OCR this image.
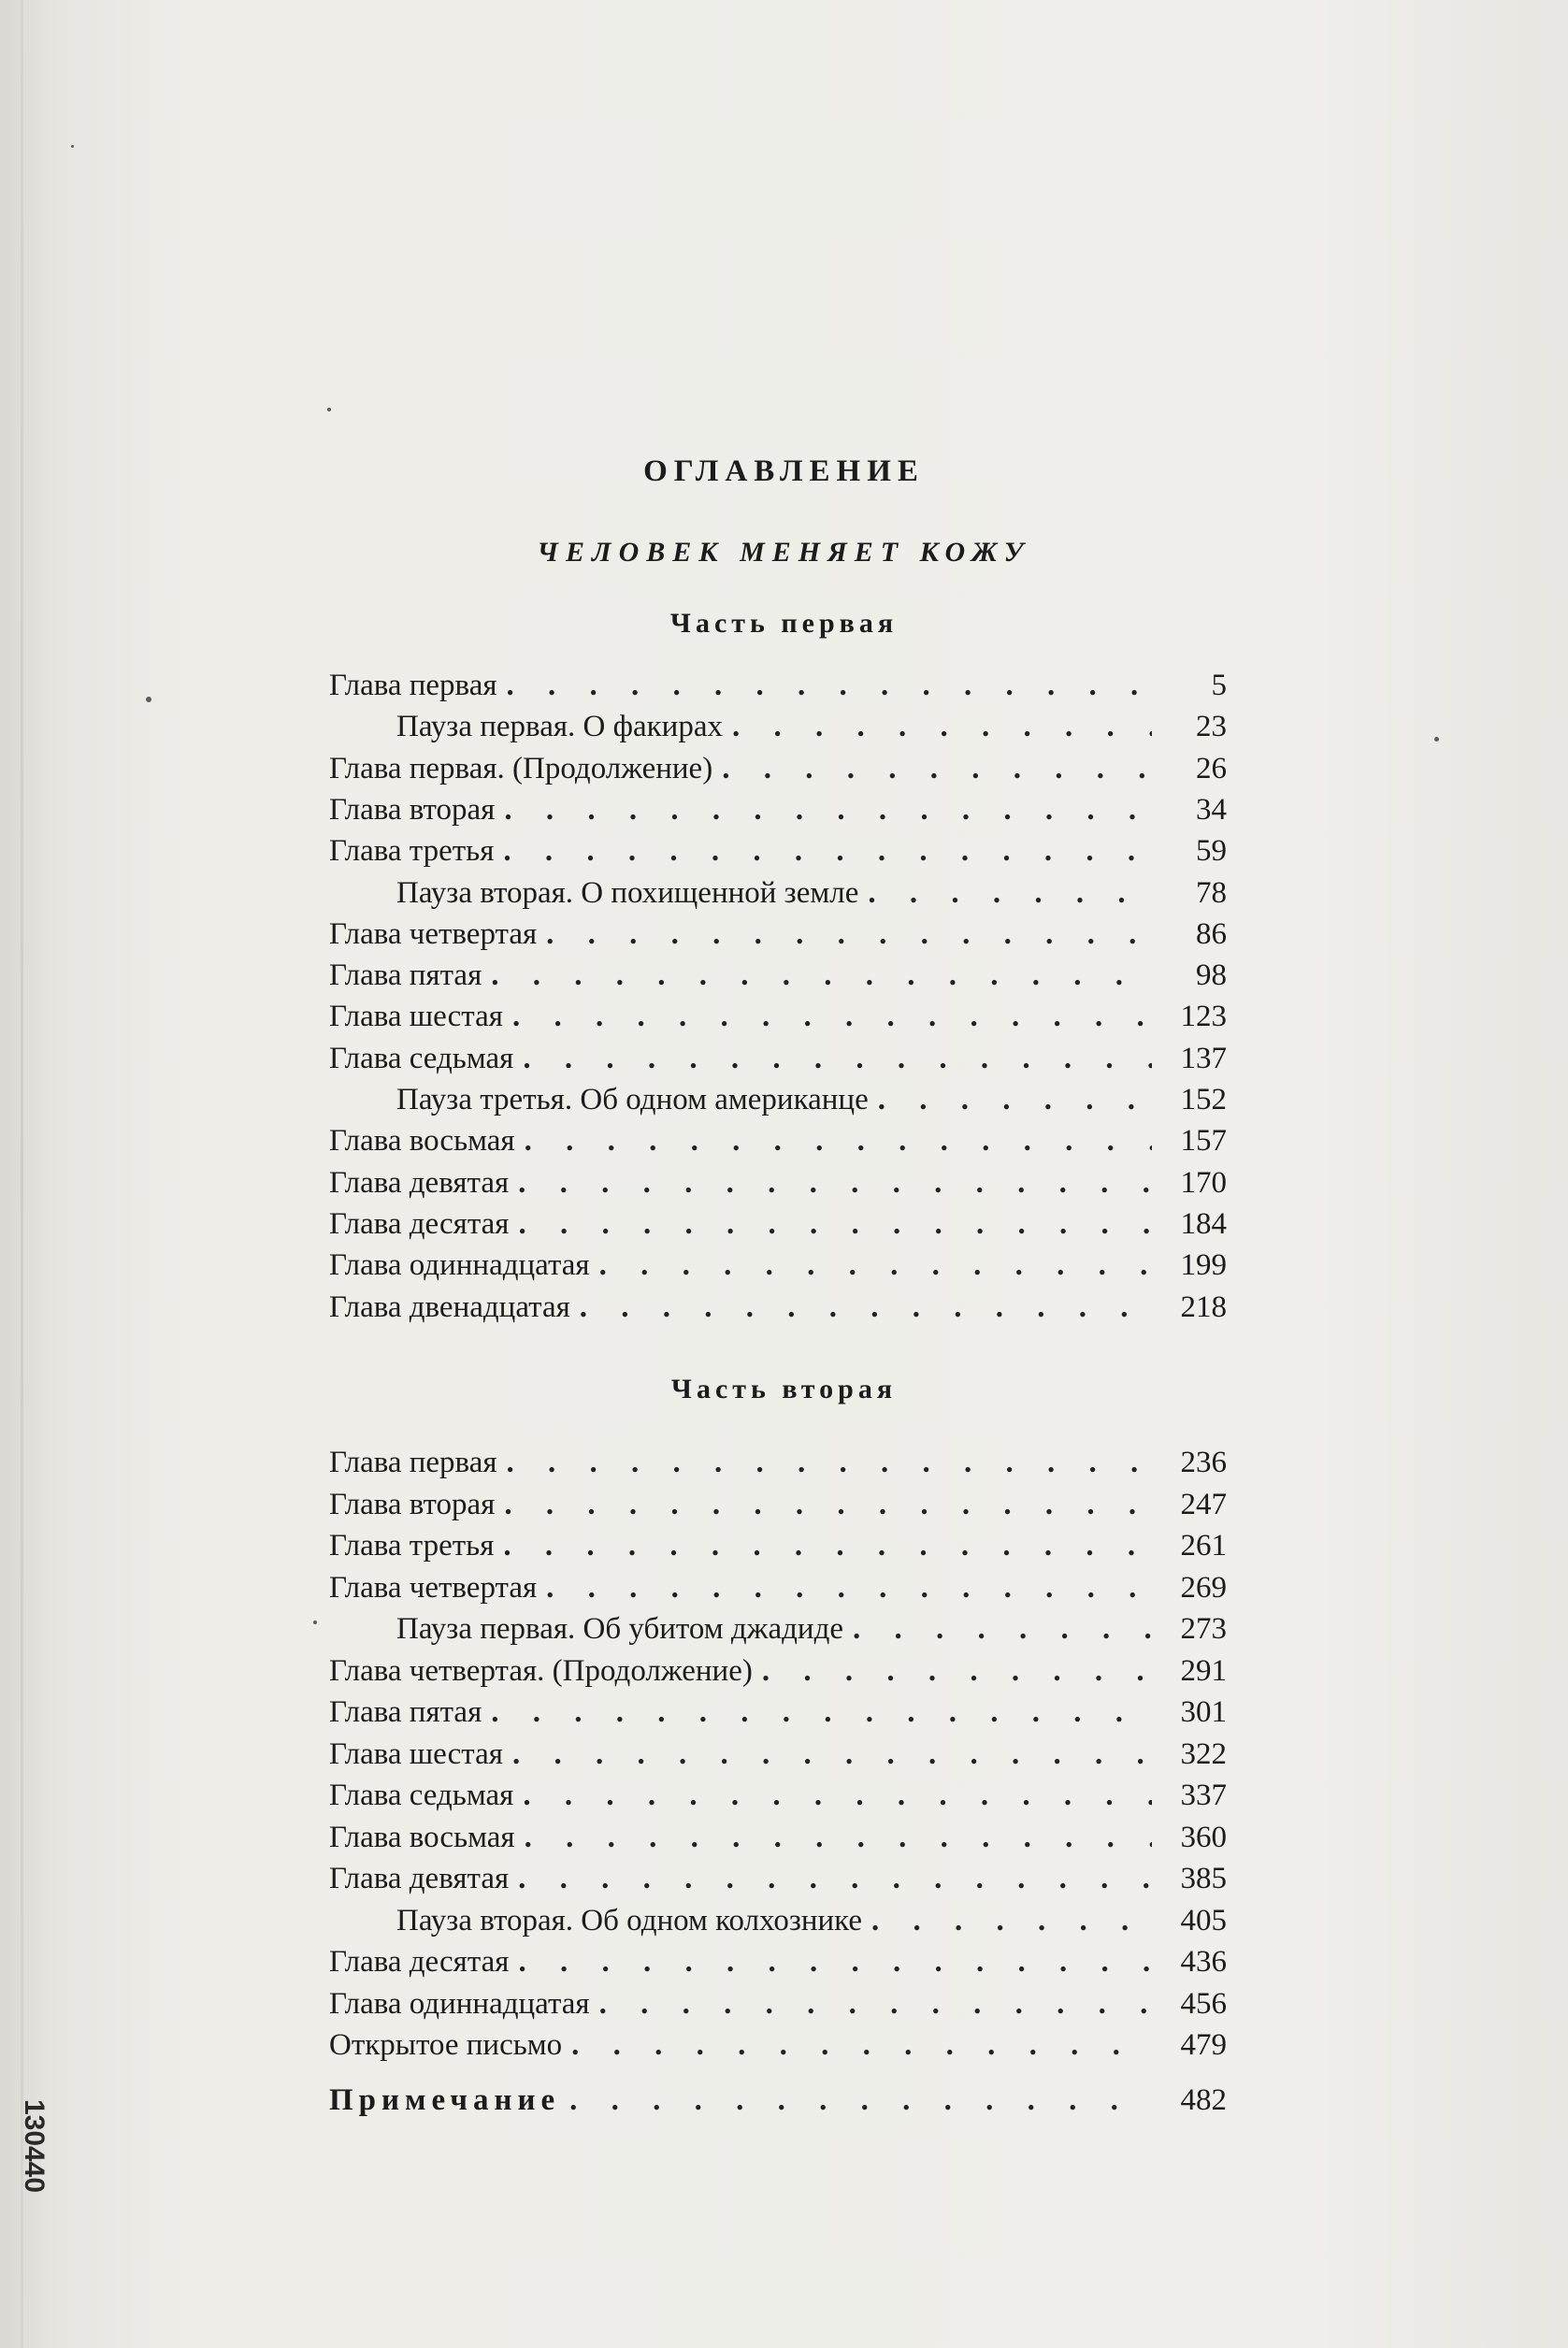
ОГЛАВЛЕНИЕ
ЧЕЛОВЕК МЕНЯЕТ КОЖУ
Часть первая
Часть вторая
Глава первая . . .	5
Пауза первая. О факирах . . .	23
Глава первая. (Продолжение) . . .	26
Глава вторая . . .	34
Глава третья . . .	59
Пауза вторая. О похищенной земле . . .	78
Глава четвертая . . .	86
Глава пятая . . .	98
Глава шестая . . .	123
Глава седьмая . . .	137
Пауза третья. Об одном американце . . .	152
Глава восьмая . . .	157
Глава девятая . . .	170
Глава десятая . . .	184
Глава одиннадцатая . . .	199
Глава двенадцатая . . .	218
Глава первая . . .	236
Глава вторая . . .	247
Глава третья . . .	261
Глава четвертая . . .	269
Пауза первая. Об убитом джадиде . . .	273
Глава четвертая. (Продолжение) . . .	291
Глава пятая . . .	301
Глава шестая . . .	322
Глава седьмая . . .	337
Глава восьмая . . .	360
Глава девятая . . .	385
Пауза вторая. Об одном колхознике . . .	405
Глава десятая . . .	436
Глава одиннадцатая . . .	456
Открытое письмо . . .	479
Примечание . . .	482
130440
